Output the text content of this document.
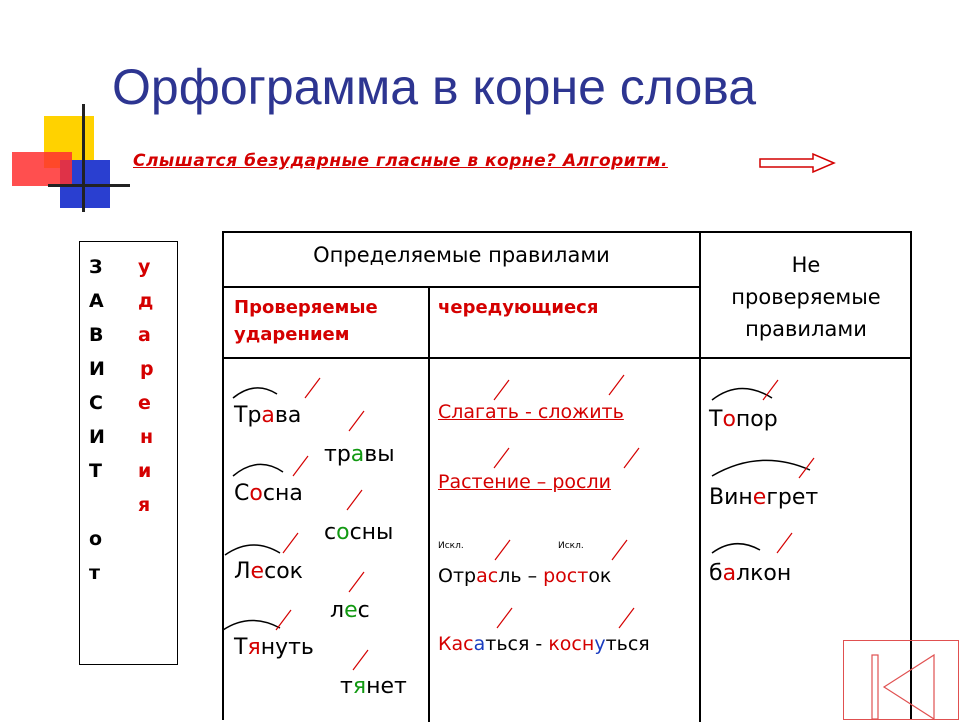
Орфограмма в корне слова
Слышатся безударные гласные в корне? Алгоритм.
З
А
В
И
С
И
Т
о
т
у
д
а
р
е
н
и
я
Определяемые правилами	Не
проверяемые
правилами
Проверяемые
ударением
чередующиеся
Трава
травы
Сосна
сосны
Лесок
лес
Тянуть
тянет
Слагать - сложить
Растение – росли
Искл.	Искл.
Отрасль – росток
Касаться - коснуться
Топор
Винегрет
балкон
